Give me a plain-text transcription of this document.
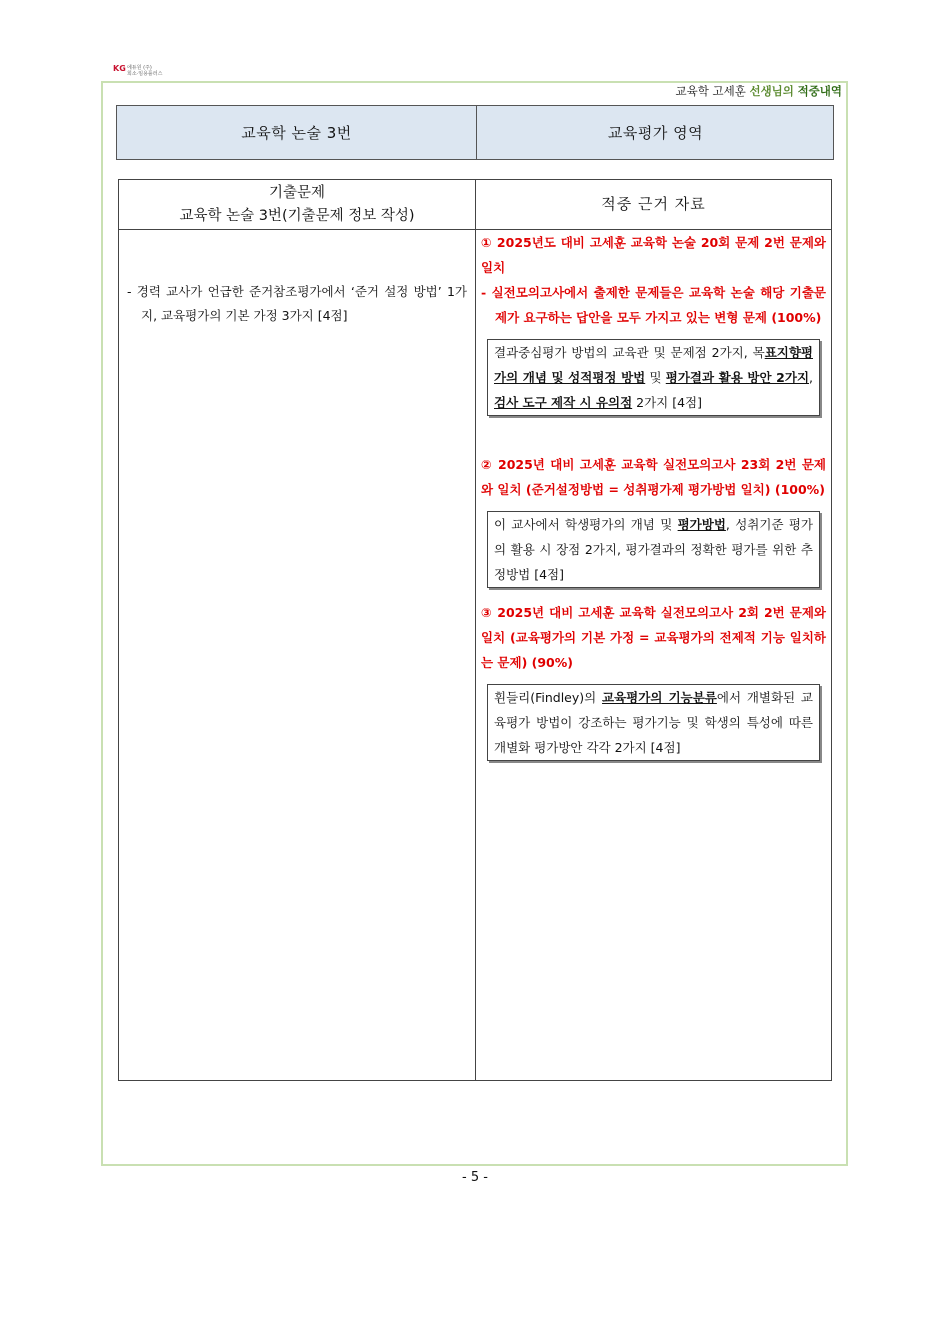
KG 에듀원 (주)
희소·임용플러스
교육학 고세훈 선생님의 적중내역
교육학 논술 3번	교육평가 영역
기출문제
교육학 논술 3번(기출문제 정보 작성)
적중 근거 자료
- 경력 교사가 언급한 준거참조평가에서 ‘준거 설정 방법’ 1가지, 교육평가의 기본 가정 3가지 [4점]
① 2025년도 대비 고세훈 교육학 논술 20회 문제 2번 문제와 일치
- 실전모의고사에서 출제한 문제들은 교육학 논술 해당 기출문제가 요구하는 답안을 모두 가지고 있는 변형 문제 (100%)
결과중심평가 방법의 교육관 및 문제점 2가지, 목표지향평가의 개념 및 성적평정 방법 및 평가결과 활용 방안 2가지, 검사 도구 제작 시 유의점 2가지 [4점]
② 2025년 대비 고세훈 교육학 실전모의고사 23회 2번 문제와 일치 (준거설정방법 = 성취평가제 평가방법 일치) (100%)
이 교사에서 학생평가의 개념 및 평가방법, 성취기준 평가의 활용 시 장점 2가지, 평가결과의 정확한 평가를 위한 추정방법 [4점]
③ 2025년 대비 고세훈 교육학 실전모의고사 2회 2번 문제와 일치 (교육평가의 기본 가정 = 교육평가의 전제적 기능 일치하는 문제) (90%)
휜들리(Findley)의 교육평가의 기능분류에서 개별화된 교육평가 방법이 강조하는 평가기능 및 학생의 특성에 따른 개별화 평가방안 각각 2가지 [4점]
- 5 -
